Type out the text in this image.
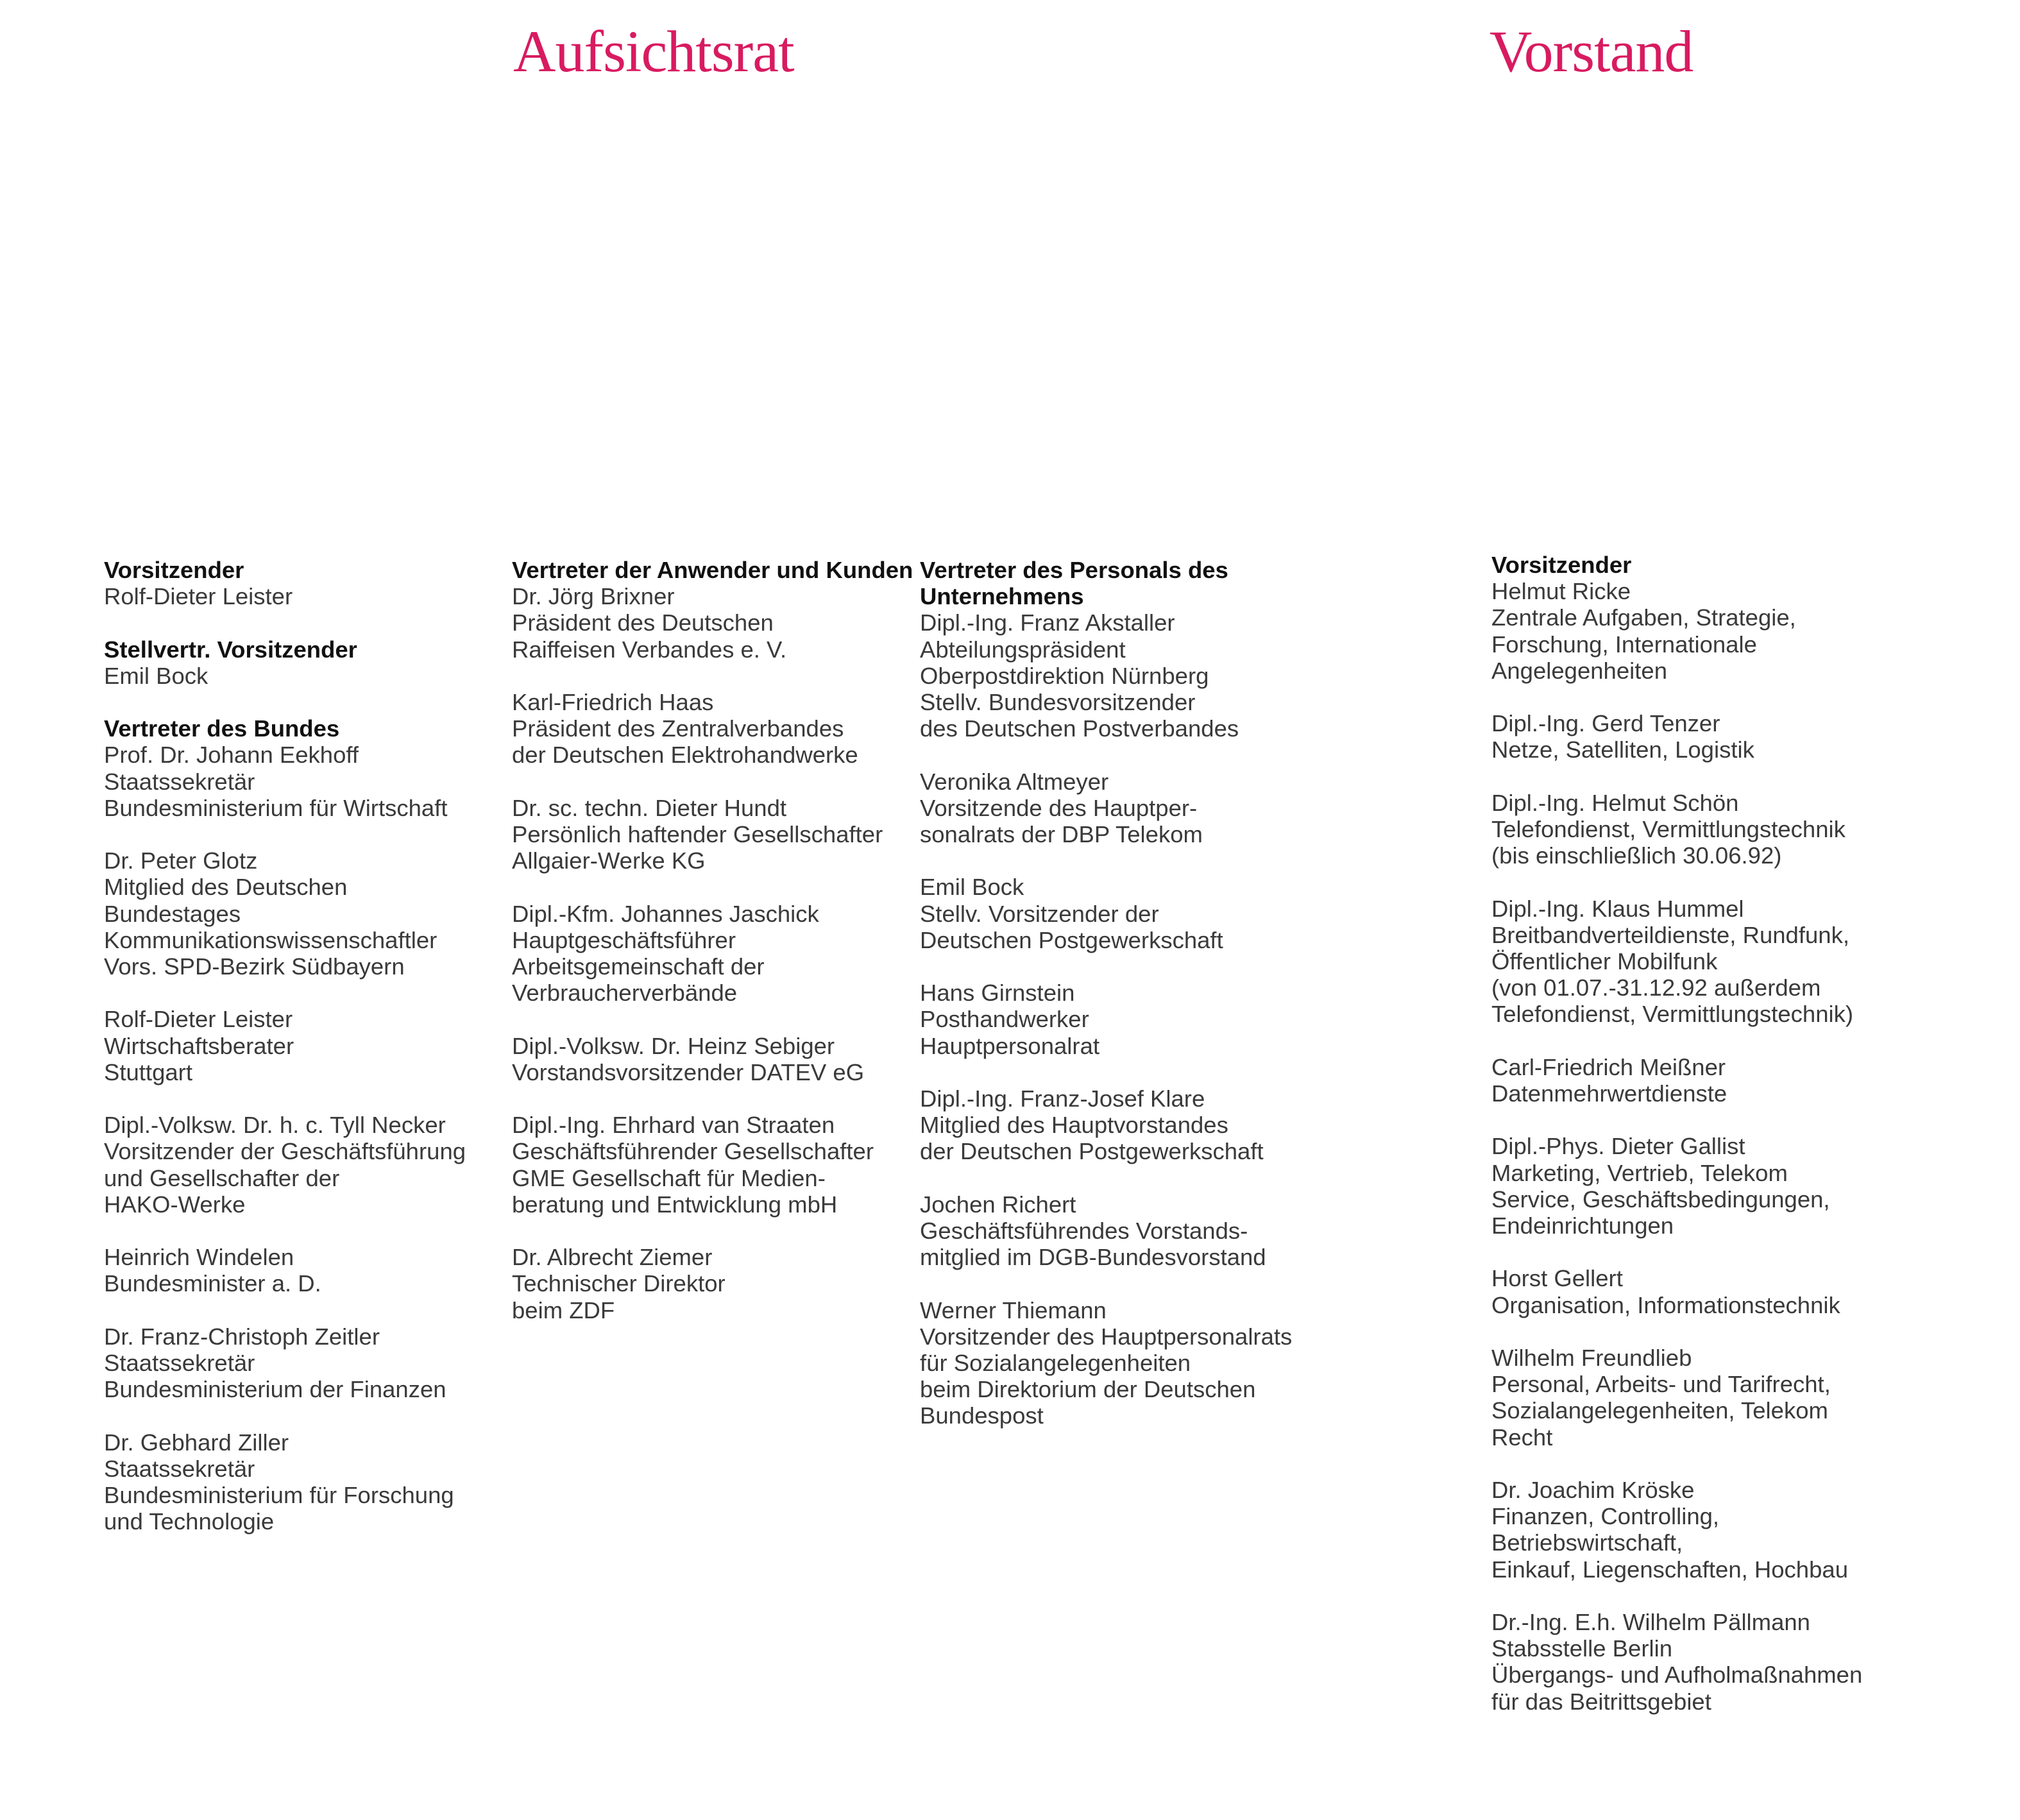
Aufsichtsrat	Vorstand
Vorsitzender
Rolf-Dieter Leister
Stellvertr. Vorsitzender
Emil Bock
Vertreter des Bundes
Prof. Dr. Johann Eekhoff
Staatssekretär
Bundesministerium für Wirtschaft
Dr. Peter Glotz
Mitglied des Deutschen
Bundestages
Kommunikationswissenschaftler
Vors. SPD-Bezirk Südbayern
Rolf-Dieter Leister
Wirtschaftsberater
Stuttgart
Dipl.-Volksw. Dr. h. c. Tyll Necker
Vorsitzender der Geschäftsführung
und Gesellschafter der
HAKO-Werke
Heinrich Windelen
Bundesminister a. D.
Dr. Franz-Christoph Zeitler
Staatssekretär
Bundesministerium der Finanzen
Dr. Gebhard Ziller
Staatssekretär
Bundesministerium für Forschung
und Technologie
Vertreter der Anwender und Kunden
Dr. Jörg Brixner
Präsident des Deutschen
Raiffeisen Verbandes e. V.
Karl-Friedrich Haas
Präsident des Zentralverbandes
der Deutschen Elektrohandwerke
Dr. sc. techn. Dieter Hundt
Persönlich haftender Gesellschafter
Allgaier-Werke KG
Dipl.-Kfm. Johannes Jaschick
Hauptgeschäftsführer
Arbeitsgemeinschaft der
Verbraucherverbände
Dipl.-Volksw. Dr. Heinz Sebiger
Vorstandsvorsitzender DATEV eG
Dipl.-Ing. Ehrhard van Straaten
Geschäftsführender Gesellschafter
GME Gesellschaft für Medien-
beratung und Entwicklung mbH
Dr. Albrecht Ziemer
Technischer Direktor
beim ZDF
Vertreter des Personals des
Unternehmens
Dipl.-Ing. Franz Akstaller
Abteilungspräsident
Oberpostdirektion Nürnberg
Stellv. Bundesvorsitzender
des Deutschen Postverbandes
Veronika Altmeyer
Vorsitzende des Hauptper-
sonalrats der DBP Telekom
Emil Bock
Stellv. Vorsitzender der
Deutschen Postgewerkschaft
Hans Girnstein
Posthandwerker
Hauptpersonalrat
Dipl.-Ing. Franz-Josef Klare
Mitglied des Hauptvorstandes
der Deutschen Postgewerkschaft
Jochen Richert
Geschäftsführendes Vorstands-
mitglied im DGB-Bundesvorstand
Werner Thiemann
Vorsitzender des Hauptpersonalrats
für Sozialangelegenheiten
beim Direktorium der Deutschen
Bundespost
Vorsitzender
Helmut Ricke
Zentrale Aufgaben, Strategie,
Forschung, Internationale
Angelegenheiten
Dipl.-Ing. Gerd Tenzer
Netze, Satelliten, Logistik
Dipl.-Ing. Helmut Schön
Telefondienst, Vermittlungstechnik
(bis einschließlich 30.06.92)
Dipl.-Ing. Klaus Hummel
Breitbandverteildienste, Rundfunk,
Öffentlicher Mobilfunk
(von 01.07.-31.12.92 außerdem
Telefondienst, Vermittlungstechnik)
Carl-Friedrich Meißner
Datenmehrwertdienste
Dipl.-Phys. Dieter Gallist
Marketing, Vertrieb, Telekom
Service, Geschäftsbedingungen,
Endeinrichtungen
Horst Gellert
Organisation, Informationstechnik
Wilhelm Freundlieb
Personal, Arbeits- und Tarifrecht,
Sozialangelegenheiten, Telekom
Recht
Dr. Joachim Kröske
Finanzen, Controlling,
Betriebswirtschaft,
Einkauf, Liegenschaften, Hochbau
Dr.-Ing. E.h. Wilhelm Pällmann
Stabsstelle Berlin
Übergangs- und Aufholmaßnahmen
für das Beitrittsgebiet
